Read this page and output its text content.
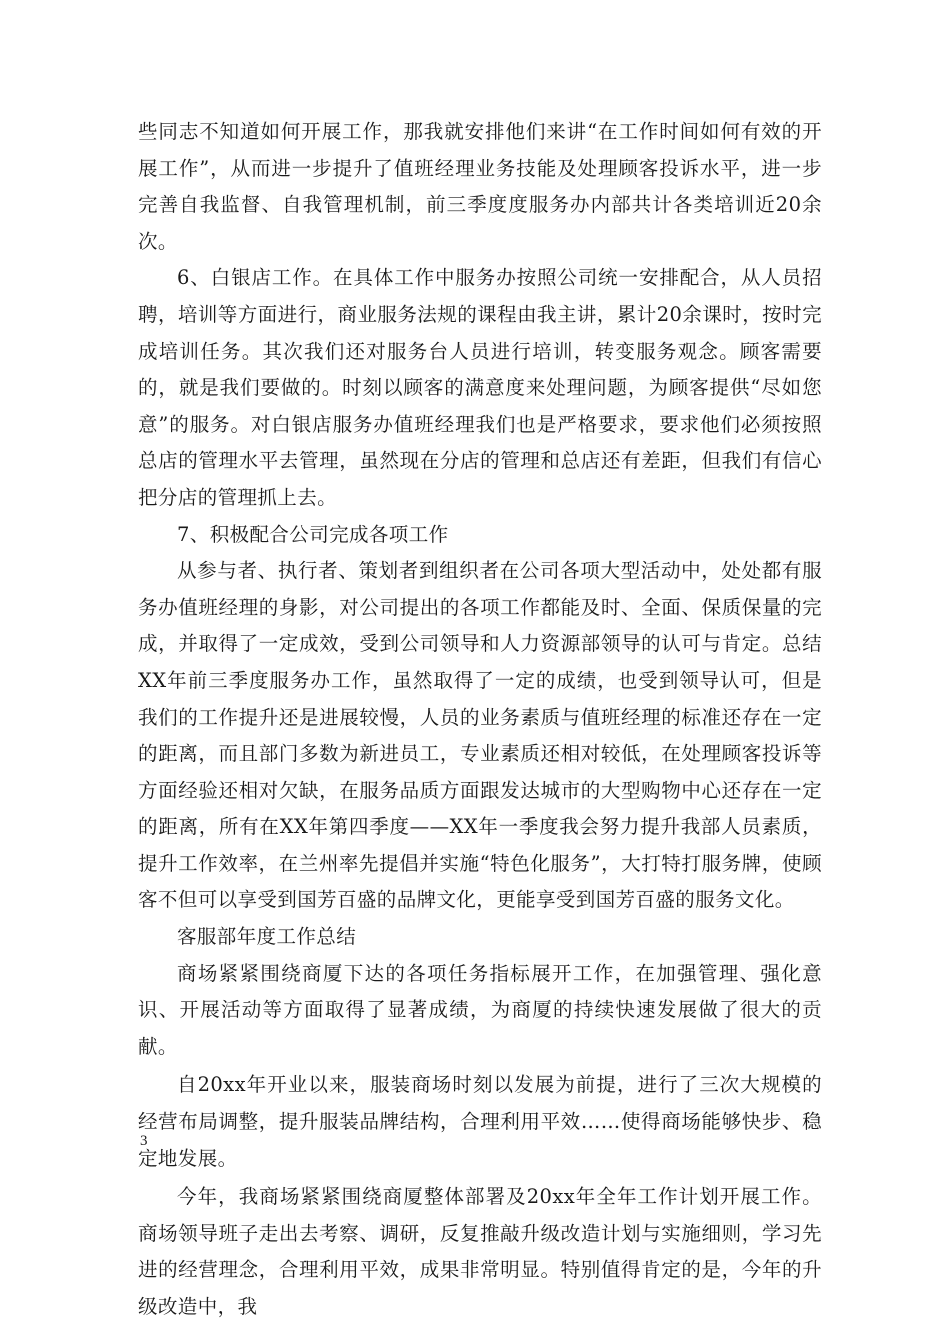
些同志不知道如何开展工作，那我就安排他们来讲“在工作时间如何有效的开展工作”，从而进一步提升了值班经理业务技能及处理顾客投诉水平，进一步完善自我监督、自我管理机制，前三季度度服务办内部共计各类培训近20余次。

6、白银店工作。在具体工作中服务办按照公司统一安排配合，从人员招聘，培训等方面进行，商业服务法规的课程由我主讲，累计20余课时，按时完成培训任务。其次我们还对服务台人员进行培训，转变服务观念。顾客需要的，就是我们要做的。时刻以顾客的满意度来处理问题，为顾客提供“尽如您意”的服务。对白银店服务办值班经理我们也是严格要求，要求他们必须按照总店的管理水平去管理，虽然现在分店的管理和总店还有差距，但我们有信心把分店的管理抓上去。

7、积极配合公司完成各项工作

从参与者、执行者、策划者到组织者在公司各项大型活动中，处处都有服务办值班经理的身影，对公司提出的各项工作都能及时、全面、保质保量的完成，并取得了一定成效，受到公司领导和人力资源部领导的认可与肯定。总结XX年前三季度服务办工作，虽然取得了一定的成绩，也受到领导认可，但是我们的工作提升还是进展较慢，人员的业务素质与值班经理的标准还存在一定的距离，而且部门多数为新进员工，专业素质还相对较低，在处理顾客投诉等方面经验还相对欠缺，在服务品质方面跟发达城市的大型购物中心还存在一定的距离，所有在XX年第四季度——XX年一季度我会努力提升我部人员素质，提升工作效率，在兰州率先提倡并实施“特色化服务”，大打特打服务牌，使顾客不但可以享受到国芳百盛的品牌文化，更能享受到国芳百盛的服务文化。

客服部年度工作总结

商场紧紧围绕商厦下达的各项任务指标展开工作，在加强管理、强化意识、开展活动等方面取得了显著成绩，为商厦的持续快速发展做了很大的贡献。

自20xx年开业以来，服装商场时刻以发展为前提，进行了三次大规模的经营布局调整，提升服装品牌结构，合理利用平效……使得商场能够快步、稳定地发展。

今年，我商场紧紧围绕商厦整体部署及20xx年全年工作计划开展工作。商场领导班子走出去考察、调研，反复推敲升级改造计划与实施细则，学习先进的经营理念，合理利用平效，成果非常明显。特别值得肯定的是，今年的升级改造中，我

3
